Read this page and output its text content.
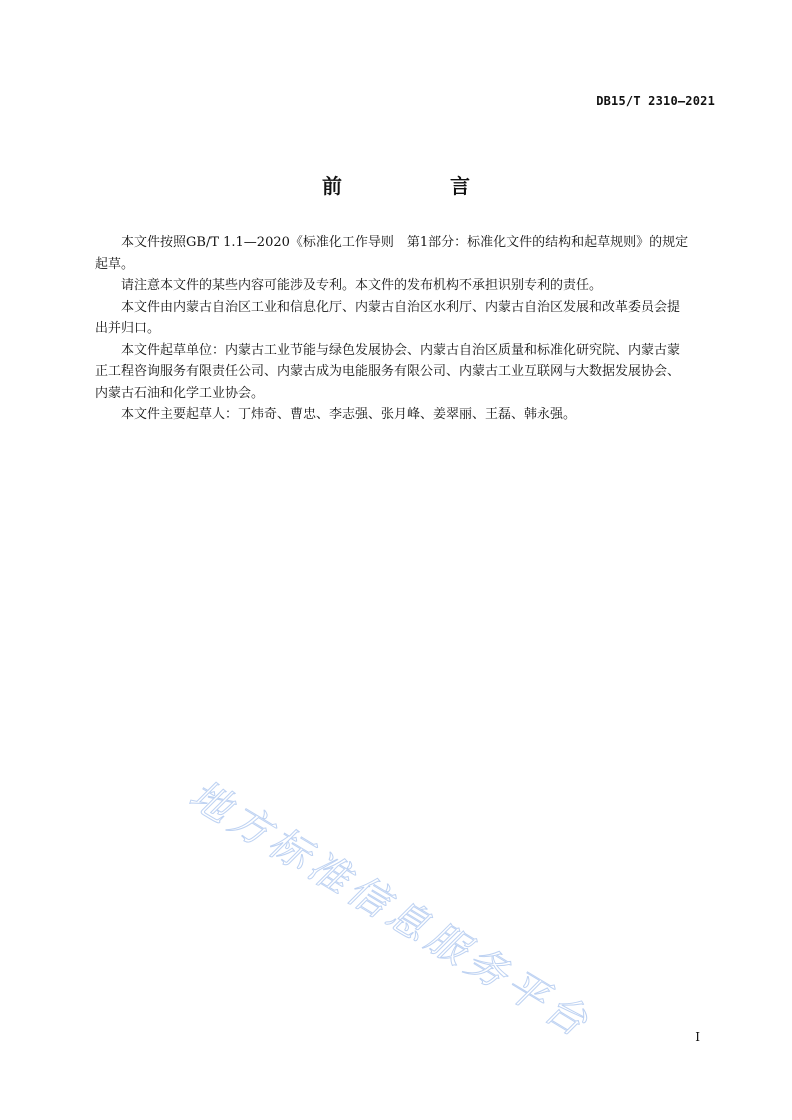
DB15/T 2310—2021
前　言

本文件按照GB/T 1.1—2020《标准化工作导则　第1部分：标准化文件的结构和起草规则》的规定
起草。

请注意本文件的某些内容可能涉及专利。本文件的发布机构不承担识别专利的责任。

本文件由内蒙古自治区工业和信息化厅、内蒙古自治区水利厅、内蒙古自治区发展和改革委员会提
出并归口。

本文件起草单位：内蒙古工业节能与绿色发展协会、内蒙古自治区质量和标准化研究院、内蒙古蒙
正工程咨询服务有限责任公司、内蒙古成为电能服务有限公司、内蒙古工业互联网与大数据发展协会、
内蒙古石油和化学工业协会。

本文件主要起草人：丁炜奇、曹忠、李志强、张月峰、姜翠丽、王磊、韩永强。

地方标准信息服务平台	I
